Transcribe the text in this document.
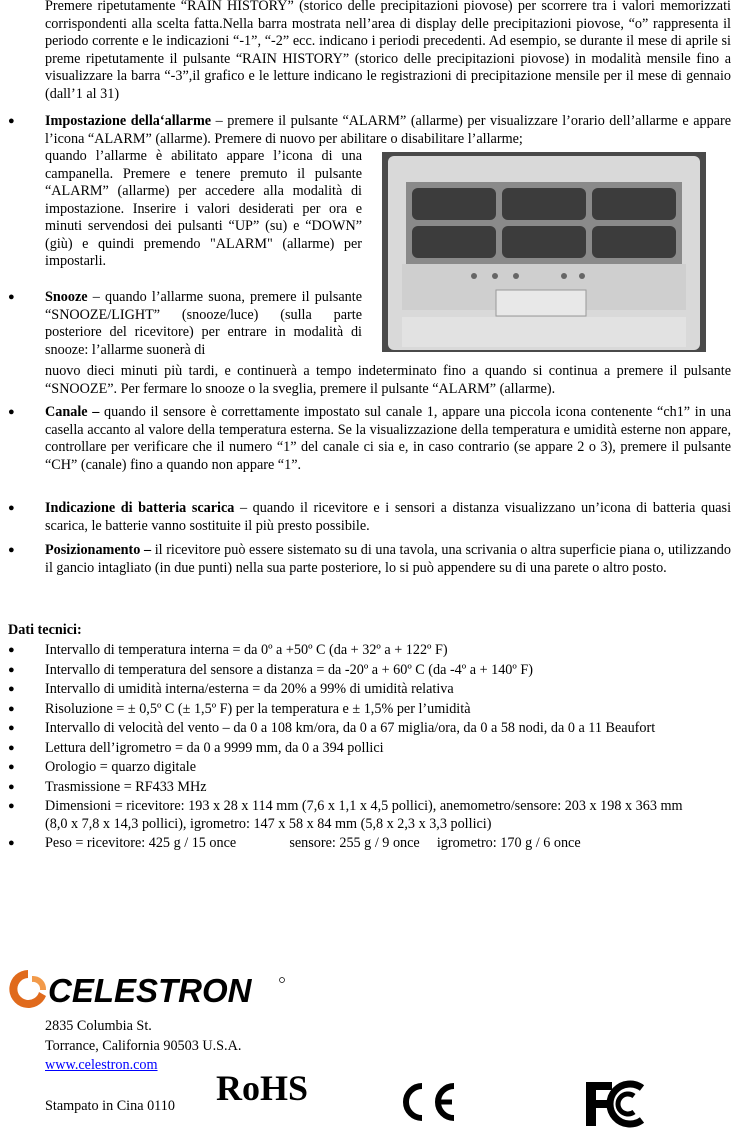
Premere ripetutamente “RAIN HISTORY” (storico delle precipitazioni piovose) per scorrere tra i valori memorizzati corrispondenti alla scelta fatta.Nella barra mostrata nell’area di display delle precipitazioni piovose, “o” rappresenta il periodo corrente e le indicazioni “-1”, “-2” ecc. indicano i periodi precedenti. Ad esempio, se durante il mese di aprile si preme ripetutamente il pulsante “RAIN HISTORY” (storico delle precipitazioni piovose) in modalità mensile fino a visualizzare la barra “-3”,il grafico e le letture indicano le registrazioni di precipitazione mensile per il mese di gennaio (dall’1 al 31)
● Impostazione della‘allarme – premere il pulsante “ALARM” (allarme) per visualizzare l’orario dell’allarme e appare l’icona “ALARM” (allarme). Premere di nuovo per abilitare o disabilitare l’allarme;
quando l’allarme è abilitato appare l’icona di una campanella. Premere e tenere premuto il pulsante “ALARM” (allarme) per accedere alla modalità di impostazione. Inserire i valori desiderati per ora e minuti servendosi dei pulsanti “UP” (su) e “DOWN” (giù) e quindi premendo "ALARM" (allarme) per impostarli.
● Snooze – quando l’allarme suona, premere il pulsante “SNOOZE/LIGHT” (snooze/luce) (sulla parte posteriore del ricevitore) per entrare in modalità di snooze: l’allarme suonerà di
nuovo dieci minuti più tardi, e continuerà a tempo indeterminato fino a quando si continua a premere il pulsante “SNOOZE”. Per fermare lo snooze o la sveglia, premere il pulsante “ALARM” (allarme).
● Canale – quando il sensore è correttamente impostato sul canale 1, appare una piccola icona contenente “ch1” in una casella accanto al valore della temperatura esterna. Se la visualizzazione della temperatura e umidità esterne non appare, controllare per verificare che il numero “1” del canale ci sia e, in caso contrario (se appare 2 o 3), premere il pulsante “CH” (canale) fino a quando non appare “1”.
● Indicazione di batteria scarica – quando il ricevitore e i sensori a distanza visualizzano un’icona di batteria quasi scarica, le batterie vanno sostituite il più presto possibile.
● Posizionamento – il ricevitore può essere sistemato su di una tavola, una scrivania o altra superficie piana o, utilizzando il gancio intagliato (in due punti) nella sua parte posteriore, lo si può appendere su di una parete o altro posto.
Dati tecnici:
● Intervallo di temperatura interna = da 0º a +50º C (da + 32º a + 122º F)
● Intervallo di temperatura del sensore a distanza = da -20º a + 60º C (da -4º a + 140º F)
● Intervallo di umidità interna/esterna = da 20% a 99% di umidità relativa
● Risoluzione = ± 0,5º C (± 1,5º F) per la temperatura e ± 1,5% per l’umidità
● Intervallo di velocità del vento – da 0 a 108 km/ora, da 0 a 67 miglia/ora, da 0 a 58 nodi, da 0 a 11 Beaufort
● Lettura dell’igrometro = da 0 a 9999 mm, da 0 a 394 pollici
● Orologio = quarzo digitale
● Trasmissione = RF433 MHz
● Dimensioni = ricevitore: 193 x 28 x 114 mm (7,6 x 1,1 x 4,5 pollici), anemometro/sensore: 203 x 198 x 363 mm (8,0 x 7,8 x 14,3 pollici), igrometro: 147 x 58 x 84 mm (5,8 x 2,3 x 3,3 pollici)
● Peso = ricevitore: 425 g / 15 once	sensore: 255 g / 9 once igrometro: 170 g / 6 once
CELESTRON
2835 Columbia St.
Torrance, California 90503 U.S.A.
www.celestron.com
Stampato in Cina 0110 RoHS
